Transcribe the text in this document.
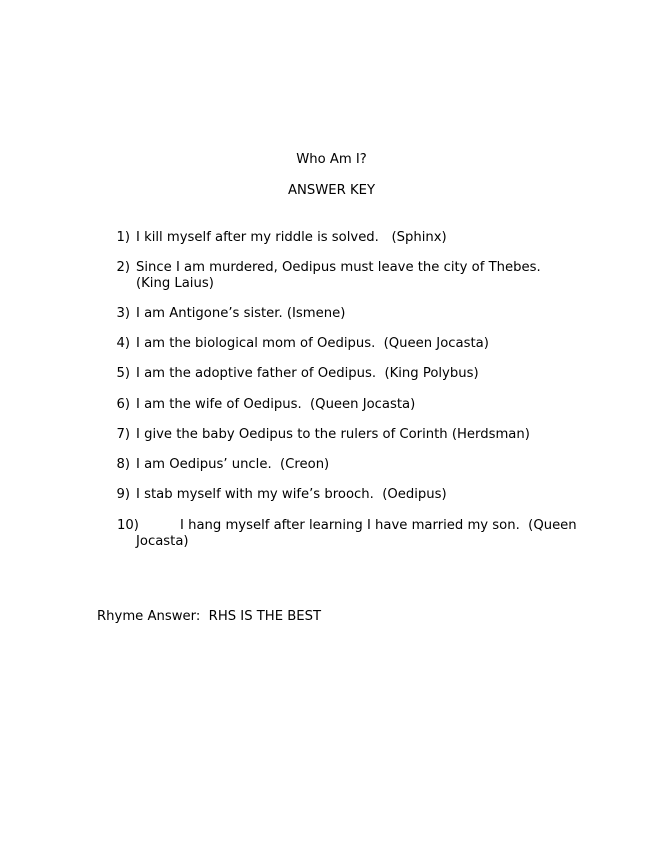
Who Am I?
ANSWER KEY
1) I kill myself after my riddle is solved.   (Sphinx)
2) Since I am murdered, Oedipus must leave the city of Thebes.
(King Laius)
3) I am Antigone’s sister. (Ismene)
4) I am the biological mom of Oedipus.  (Queen Jocasta)
5) I am the adoptive father of Oedipus.  (King Polybus)
6) I am the wife of Oedipus.  (Queen Jocasta)
7) I give the baby Oedipus to the rulers of Corinth (Herdsman)
8) I am Oedipus’ uncle.  (Creon)
9) I stab myself with my wife’s brooch.  (Oedipus)
10)	I hang myself after learning I have married my son.  (Queen
Jocasta)
Rhyme Answer: RHS IS THE BEST
